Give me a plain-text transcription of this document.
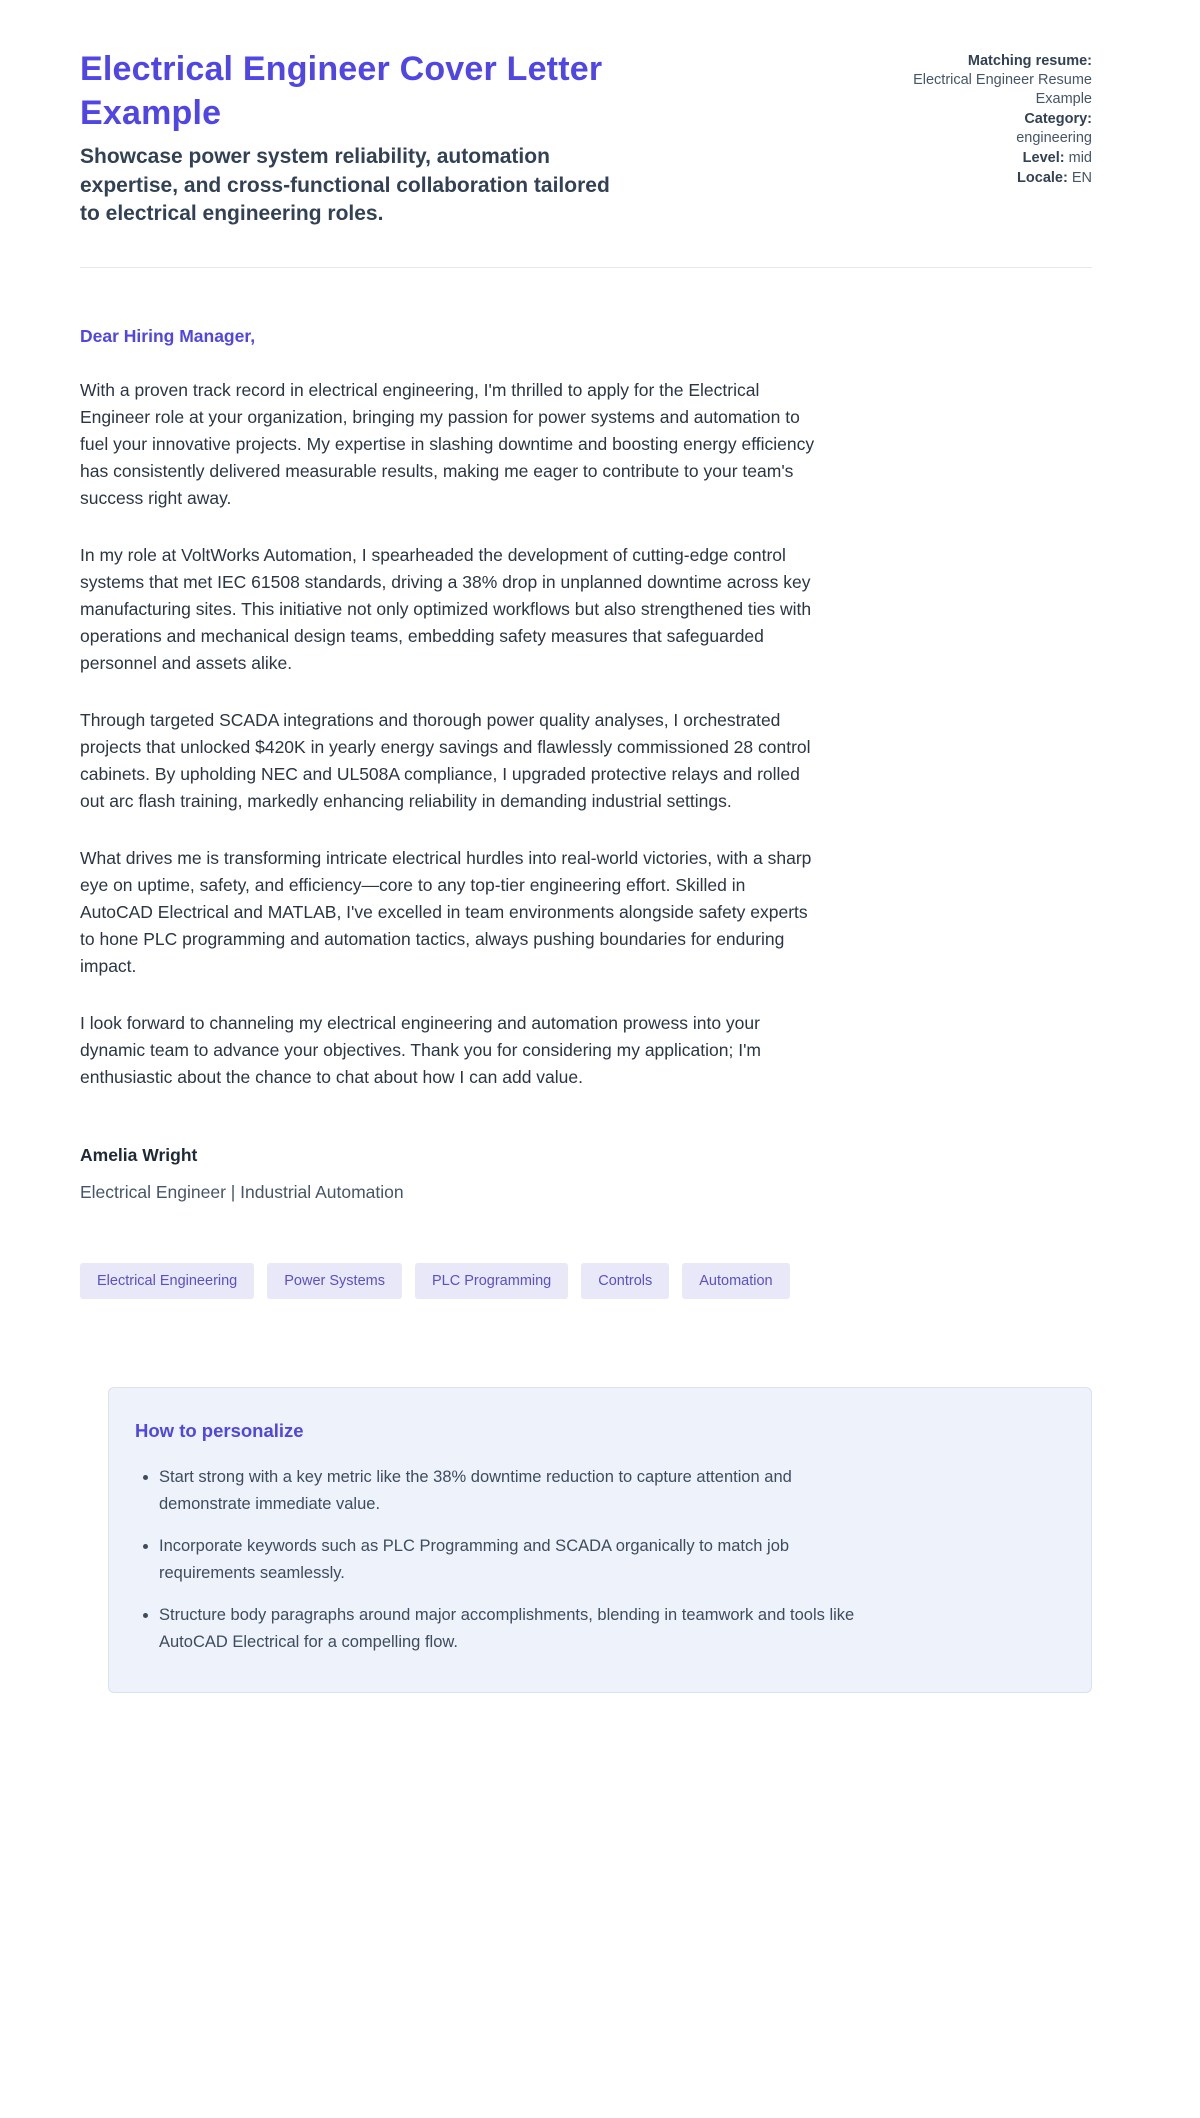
Electrical Engineer Cover Letter Example
Showcase power system reliability, automation expertise, and cross-functional collaboration tailored to electrical engineering roles.
Matching resume:
Electrical Engineer Resume Example
Category:
engineering
Level: mid
Locale: EN

Dear Hiring Manager,

With a proven track record in electrical engineering, I'm thrilled to apply for the Electrical Engineer role at your organization, bringing my passion for power systems and automation to fuel your innovative projects. My expertise in slashing downtime and boosting energy efficiency has consistently delivered measurable results, making me eager to contribute to your team's success right away.

In my role at VoltWorks Automation, I spearheaded the development of cutting-edge control systems that met IEC 61508 standards, driving a 38% drop in unplanned downtime across key manufacturing sites. This initiative not only optimized workflows but also strengthened ties with operations and mechanical design teams, embedding safety measures that safeguarded personnel and assets alike.

Through targeted SCADA integrations and thorough power quality analyses, I orchestrated projects that unlocked $420K in yearly energy savings and flawlessly commissioned 28 control cabinets. By upholding NEC and UL508A compliance, I upgraded protective relays and rolled out arc flash training, markedly enhancing reliability in demanding industrial settings.

What drives me is transforming intricate electrical hurdles into real-world victories, with a sharp eye on uptime, safety, and efficiency—core to any top-tier engineering effort. Skilled in AutoCAD Electrical and MATLAB, I've excelled in team environments alongside safety experts to hone PLC programming and automation tactics, always pushing boundaries for enduring impact.

I look forward to channeling my electrical engineering and automation prowess into your dynamic team to advance your objectives. Thank you for considering my application; I'm enthusiastic about the chance to chat about how I can add value.

Amelia Wright

Electrical Engineer | Industrial Automation

Electrical Engineering	Power Systems	PLC Programming	Controls	Automation
How to personalize
• Start strong with a key metric like the 38% downtime reduction to capture attention and demonstrate immediate value.
• Incorporate keywords such as PLC Programming and SCADA organically to match job requirements seamlessly.
• Structure body paragraphs around major accomplishments, blending in teamwork and tools like AutoCAD Electrical for a compelling flow.
